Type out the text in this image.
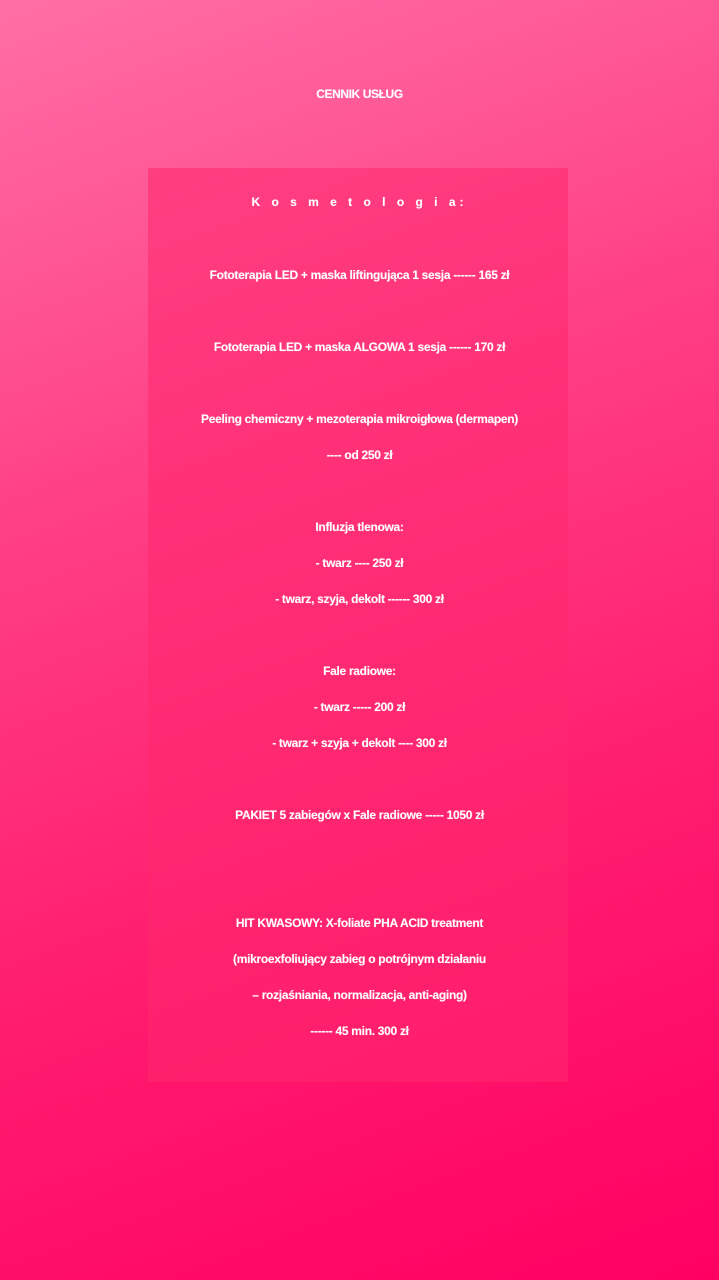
CENNIK USŁUG
K o s m e t o l o g i a:
Fototerapia LED + maska liftingująca 1 sesja ------ 165 zł
Fototerapia LED + maska ALGOWA 1 sesja ------ 170 zł
Peeling chemiczny + mezoterapia mikroigłowa (dermapen)
---- od 250 zł
Influzja tlenowa:
- twarz ---- 250 zł
- twarz, szyja, dekolt ------ 300 zł
Fale radiowe:
- twarz ----- 200 zł
- twarz + szyja + dekolt ---- 300 zł
PAKIET 5 zabiegów x Fale radiowe ----- 1050 zł
HIT KWASOWY: X-foliate PHA ACID treatment
(mikroexfoliujący zabieg o potrójnym działaniu
– rozjaśniania, normalizacja, anti-aging)
------ 45 min. 300 zł
